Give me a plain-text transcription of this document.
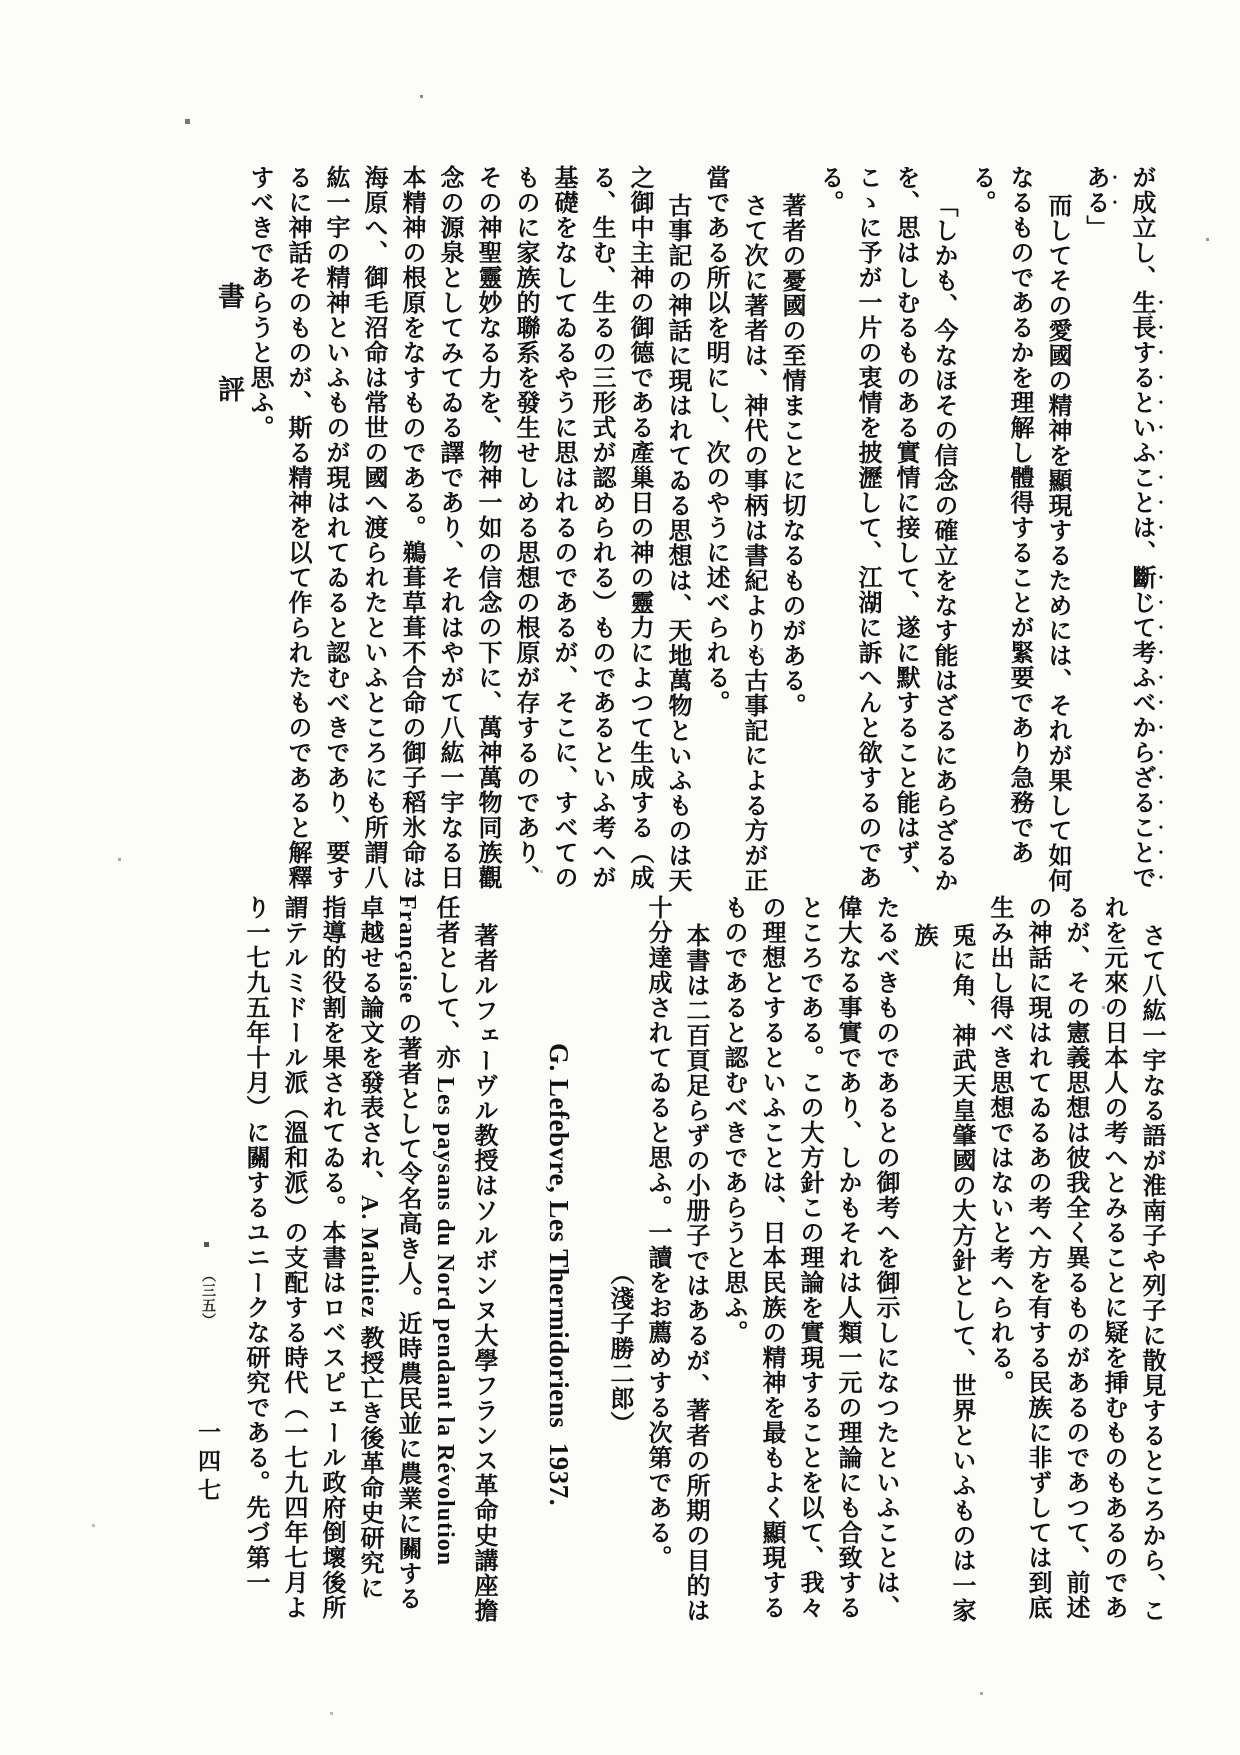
書評
が成立し、生長するといふことは、斷じて考ふべからざることで
ある」
而してその愛國の精神を顯現するためには、それが果して如何
なるものであるかを理解し體得することが緊要であり急務であ
る。
「しかも、今なほその信念の確立をなす能はざるにあらざるか
を、思はしむるものある實情に接して、遂に默すること能はず、
こゝに予が一片の衷情を披瀝して、江湖に訴へんと欲するのであ
る。
著者の憂國の至情まことに切なるものがある。
さて次に著者は、神代の事柄は書紀よりも古事記による方が正
當である所以を明にし、次のやうに述べられる。
古事記の神話に現はれてゐる思想は、天地萬物といふものは天
之御中主神の御德である產巢日の神の靈力によつて生成する（成
る、生む、生るの三形式が認められる）ものであるといふ考へが
基礎をなしてゐるやうに思はれるのであるが、そこに、すべての
ものに家族的聯系を發生せしめる思想の根原が存するのであり、
その神聖靈妙なる力を、物神一如の信念の下に、萬神萬物同族觀
念の源泉としてみてゐる譯であり、それはやがて八紘一宇なる日
本精神の根原をなすものである。鵜葺草葺不合命の御子稻氷命は
海原へ、御毛沼命は常世の國へ渡られたといふところにも所謂八
紘一宇の精神といふものが現はれてゐると認むべきであり、要す
るに神話そのものが、斯る精神を以て作られたものであると解釋
すべきであらうと思ふ。
さて八紘一宇なる語が淮南子や列子に散見するところから、こ
れを元來の日本人の考へとみることに疑を挿むものもあるのであ
るが、その憲義思想は彼我全く異るものがあるのであつて、前述
の神話に現はれてゐるあの考へ方を有する民族に非ずしては到底
生み出し得べき思想ではないと考へられる。
兎に角、神武天皇肇國の大方針として、世界といふものは一家族
たるべきものであるとの御考へを御示しになつたといふことは、
偉大なる事實であり、しかもそれは人類一元の理論にも合致する
ところである。この大方針この理論を實現することを以て、我々
の理想とするといふことは、日本民族の精神を最もよく顯現する
ものであると認むべきであらうと思ふ。
本書は二百頁足らずの小册子ではあるが、著者の所期の目的は
十分達成されてゐると思ふ。一讀をお薦めする次第である。
（淺子勝二郎）
G. Lefebvre, Les Thermidoriens  1937.
著者ルフェーヴル教授はソルボンヌ大學フランス革命史講座擔
任者として、亦 Les paysans du Nord pendant la Révolution
Française の著者として令名高き人。近時農民並に農業に關する
卓越せる論文を發表され、A. Mathiez 教授亡き後革命史研究に
指導的役割を果されてゐる。本書はロベスピェール政府倒壞後所
謂テルミドール派（溫和派）の支配する時代（一七九四年七月よ
り一七九五年十月）に關するユニークな研究である。先づ第一
（三五）
一四七
